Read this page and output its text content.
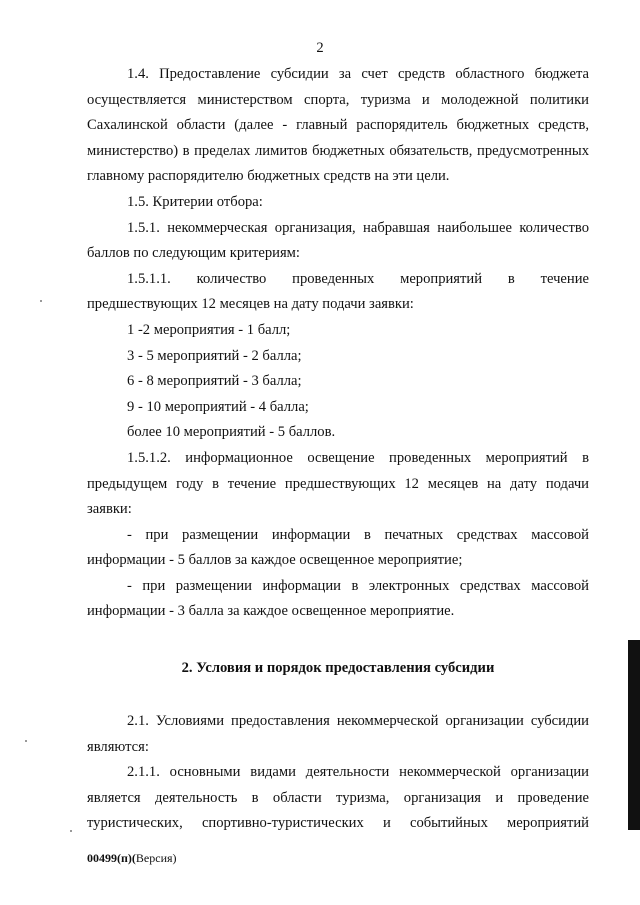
2

1.4. Предоставление субсидии за счет средств областного бюджета осуществляется министерством спорта, туризма и молодежной политики Сахалинской области (далее - главный распорядитель бюджетных средств, министерство) в пределах лимитов бюджетных обязательств, предусмотренных главному распорядителю бюджетных средств на эти цели.

1.5. Критерии отбора:

1.5.1. некоммерческая организация, набравшая наибольшее количество баллов по следующим критериям:

1.5.1.1. количество проведенных мероприятий в течение предшествующих 12 месяцев на дату подачи заявки:

1 -2 мероприятия - 1 балл;

3 - 5 мероприятий - 2 балла;

6 - 8 мероприятий - 3 балла;

9 - 10 мероприятий - 4 балла;

более 10 мероприятий - 5 баллов.

1.5.1.2. информационное освещение проведенных мероприятий в предыдущем году в течение предшествующих 12 месяцев на дату подачи заявки:

- при размещении информации в печатных средствах массовой информации - 5 баллов за каждое освещенное мероприятие;

- при размещении информации в электронных средствах массовой информации - 3 балла за каждое освещенное мероприятие.

2. Условия и порядок предоставления субсидии

2.1. Условиями предоставления некоммерческой организации субсидии являются:

2.1.1. основными видами деятельности некоммерческой организации является деятельность в области туризма, организация и проведение туристических, спортивно-туристических и событийных мероприятий

00499(п)(Версия)
